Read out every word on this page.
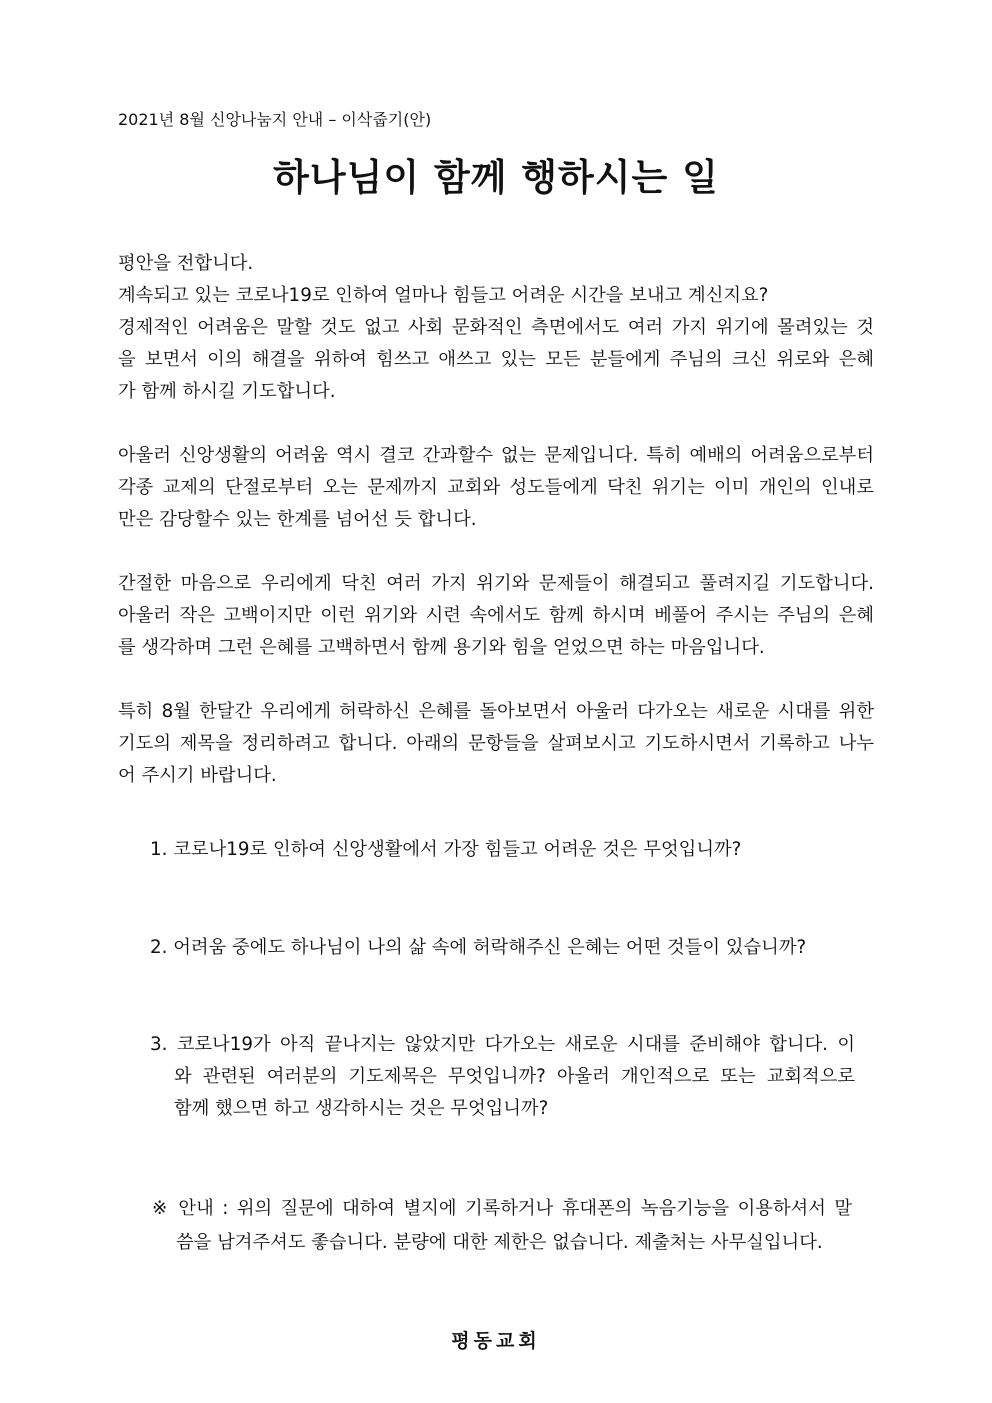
2021년 8월 신앙나눔지 안내 – 이삭줍기(안)
하나님이 함께 행하시는 일
평안을 전합니다.
계속되고 있는 코로나19로 인하여 얼마나 힘들고 어려운 시간을 보내고 계신지요?
경제적인 어려움은 말할 것도 없고 사회 문화적인 측면에서도 여러 가지 위기에 몰려있는 것
을 보면서 이의 해결을 위하여 힘쓰고 애쓰고 있는 모든 분들에게 주님의 크신 위로와 은혜
가 함께 하시길 기도합니다.
아울러 신앙생활의 어려움 역시 결코 간과할수 없는 문제입니다. 특히 예배의 어려움으로부터
각종 교제의 단절로부터 오는 문제까지 교회와 성도들에게 닥친 위기는 이미 개인의 인내로
만은 감당할수 있는 한계를 넘어선 듯 합니다.
간절한 마음으로 우리에게 닥친 여러 가지 위기와 문제들이 해결되고 풀려지길 기도합니다.
아울러 작은 고백이지만 이런 위기와 시련 속에서도 함께 하시며 베풀어 주시는 주님의 은혜
를 생각하며 그런 은혜를 고백하면서 함께 용기와 힘을 얻었으면 하는 마음입니다.
특히 8월 한달간 우리에게 허락하신 은혜를 돌아보면서 아울러 다가오는 새로운 시대를 위한
기도의 제목을 정리하려고 합니다. 아래의 문항들을 살펴보시고 기도하시면서 기록하고 나누
어 주시기 바랍니다.
1. 코로나19로 인하여 신앙생활에서 가장 힘들고 어려운 것은 무엇입니까?
2. 어려움 중에도 하나님이 나의 삶 속에 허락해주신 은혜는 어떤 것들이 있습니까?
3. 코로나19가 아직 끝나지는 않았지만 다가오는 새로운 시대를 준비해야 합니다. 이
와 관련된 여러분의 기도제목은 무엇입니까? 아울러 개인적으로 또는 교회적으로
함께 했으면 하고 생각하시는 것은 무엇입니까?
※ 안내 : 위의 질문에 대하여 별지에 기록하거나 휴대폰의 녹음기능을 이용하셔서 말
씀을 남겨주셔도 좋습니다. 분량에 대한 제한은 없습니다. 제출처는 사무실입니다.
평동교회
